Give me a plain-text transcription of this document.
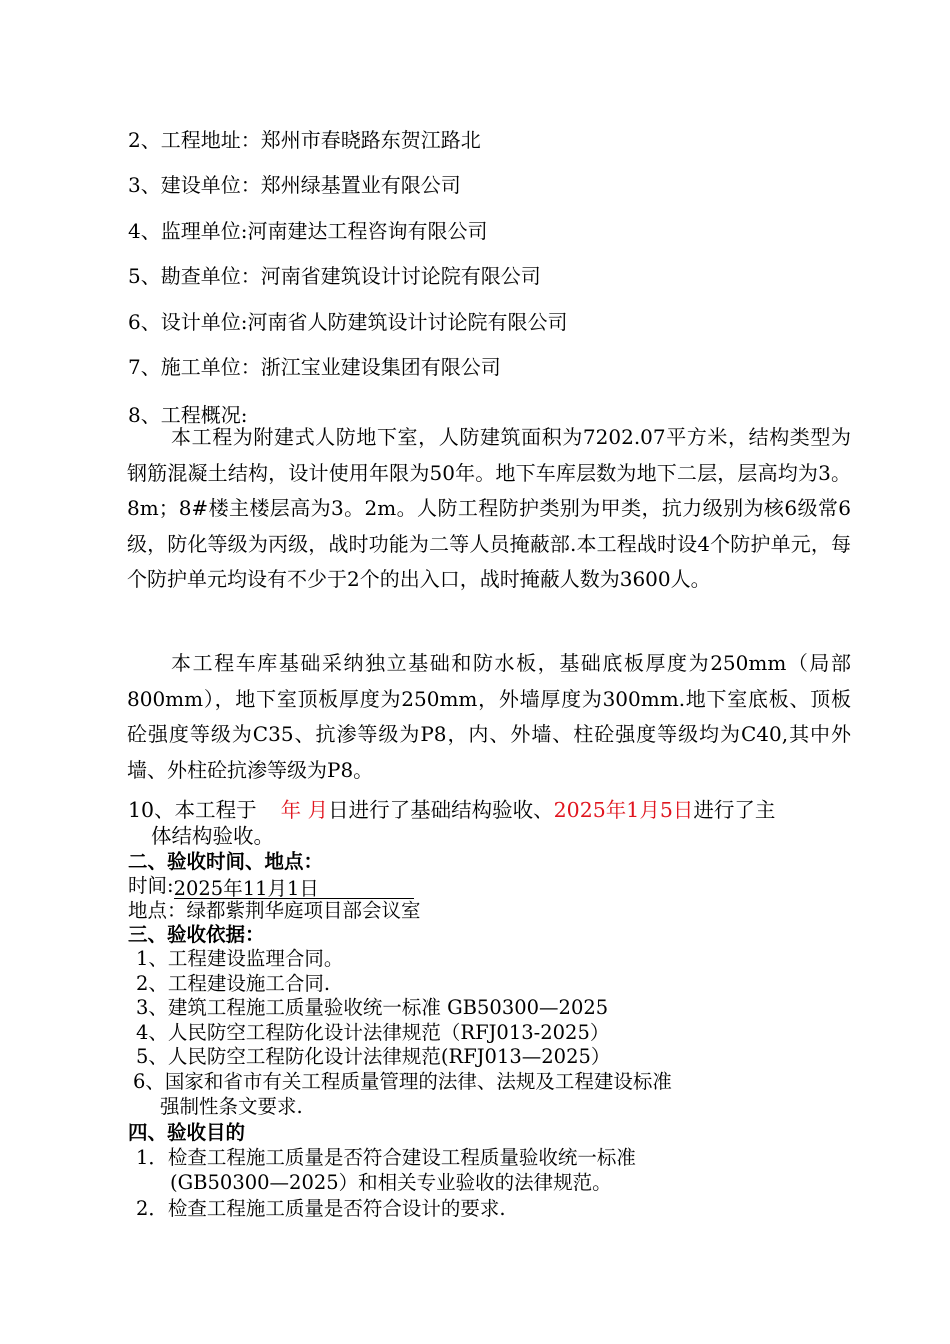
2、工程地址：郑州市春晓路东贺江路北
3、建设单位：郑州绿基置业有限公司
4、监理单位:河南建达工程咨询有限公司
5、勘查单位：河南省建筑设计讨论院有限公司
6、设计单位:河南省人防建筑设计讨论院有限公司
7、施工单位：浙江宝业建设集团有限公司
8、工程概况:

本工程为附建式人防地下室，人防建筑面积为7202.07平方米，结构类型为钢筋混凝土结构，设计使用年限为50年。地下车库层数为地下二层，层高均为3。8m；8#楼主楼层高为3。2m。人防工程防护类别为甲类，抗力级别为核6级常6级，防化等级为丙级，战时功能为二等人员掩蔽部.本工程战时设4个防护单元，每个防护单元均设有不少于2个的出入口，战时掩蔽人数为3600人。

本工程车库基础采纳独立基础和防水板，基础底板厚度为250mm（局部800mm），地下室顶板厚度为250mm，外墙厚度为300mm.地下室底板、顶板砼强度等级为C35、抗渗等级为P8，内、外墙、柱砼强度等级均为C40,其中外墙、外柱砼抗渗等级为P8。

10、本工程于 年 月日进行了基础结构验收、2025年1月5日进行了主
体结构验收。
二、验收时间、地点：
时间:2025年11月1日
地点：绿都紫荆华庭项目部会议室
三、验收依据：
1、工程建设监理合同。
2、工程建设施工合同.
3、建筑工程施工质量验收统一标准 GB50300—2025
4、人民防空工程防化设计法律规范（RFJ013-2025）
5、人民防空工程防化设计法律规范(RFJ013—2025）
6、国家和省市有关工程质量管理的法律、法规及工程建设标准
强制性条文要求.
四、验收目的
1．检查工程施工质量是否符合建设工程质量验收统一标准
(GB50300—2025）和相关专业验收的法律规范。
2．检查工程施工质量是否符合设计的要求.
